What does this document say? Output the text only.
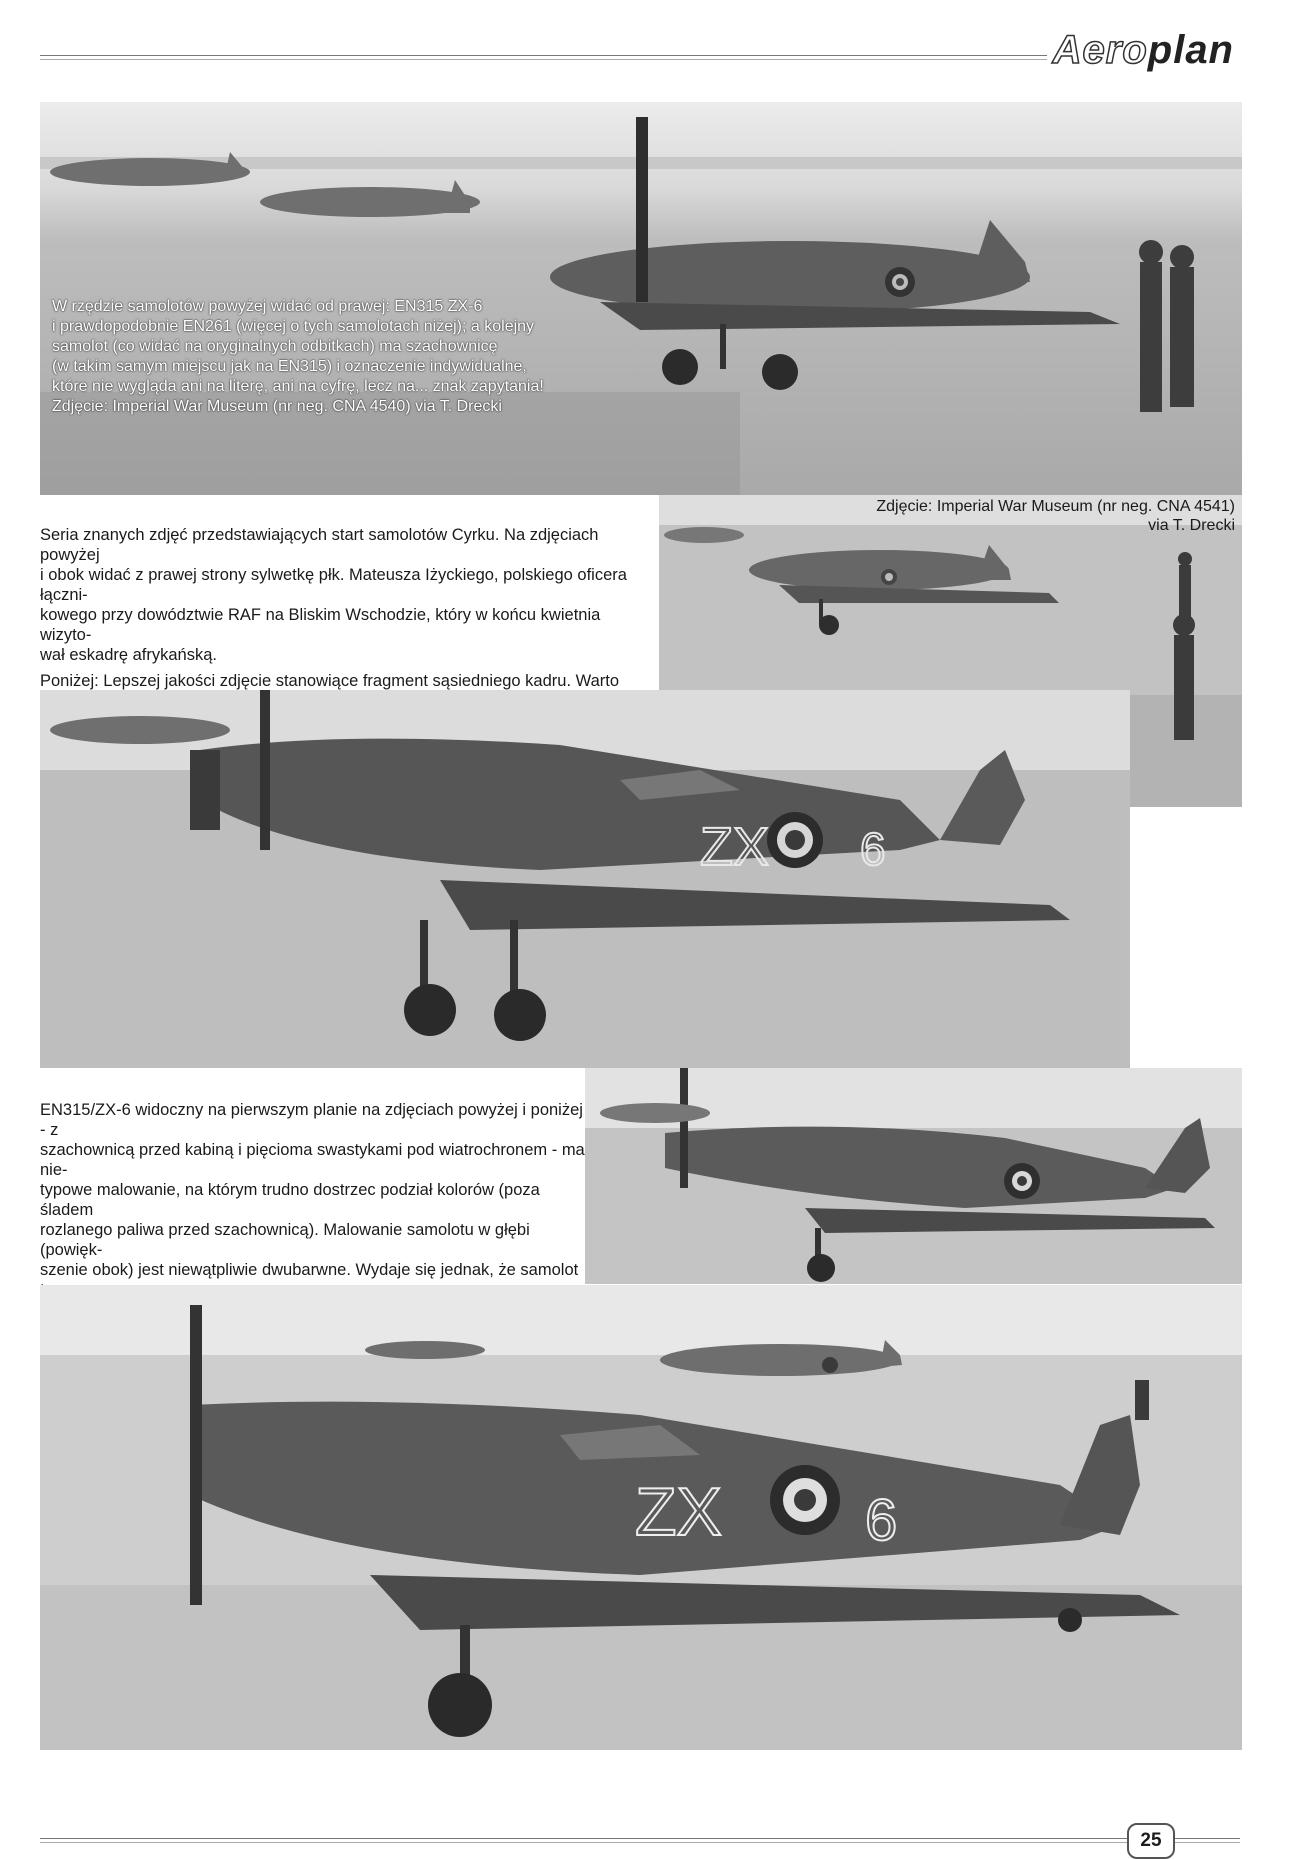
Aeroplan
W rzędzie samolotów powyżej widać od prawej: EN315 ZX-6
i prawdopodobnie EN261 (więcej o tych samolotach niżej); a kolejny
samolot (co widać na oryginalnych odbitkach) ma szachownicę
(w takim samym miejscu jak na EN315) i oznaczenie indywidualne,
które nie wygląda ani na literę, ani na cyfrę, lecz na... znak zapytania!
Zdjęcie: Imperial War Museum (nr neg. CNA 4540) via T. Drecki
Zdjęcie: Imperial War Museum (nr neg. CNA 4541)
via T. Drecki

Seria znanych zdjęć przedstawiających start samolotów Cyrku. Na zdjęciach powyżej
i obok widać z prawej strony sylwetkę płk. Mateusza Iżyckiego, polskiego oficera łączni-
kowego przy dowództwie RAF na Bliskim Wschodzie, który w końcu kwietnia wizyto-
wał eskadrę afrykańską.

Poniżej: Lepszej jakości zdjęcie stanowiące fragment sąsiedniego kadru. Warto

ZX 6
EN315/ZX-6 widoczny na pierwszym planie na zdjęciach powyżej i poniżej - z
szachownicą przed kabiną i pięcioma swastykami pod wiatrochronem - ma nie-
typowe malowanie, na którym trudno dostrzec podział kolorów (poza śladem
rozlanego paliwa przed szachownicą). Malowanie samolotu w głębi (powięk-
szenie obok) jest niewątpliwie dwubarwne. Wydaje się jednak, że samolot
ZX 6
25
